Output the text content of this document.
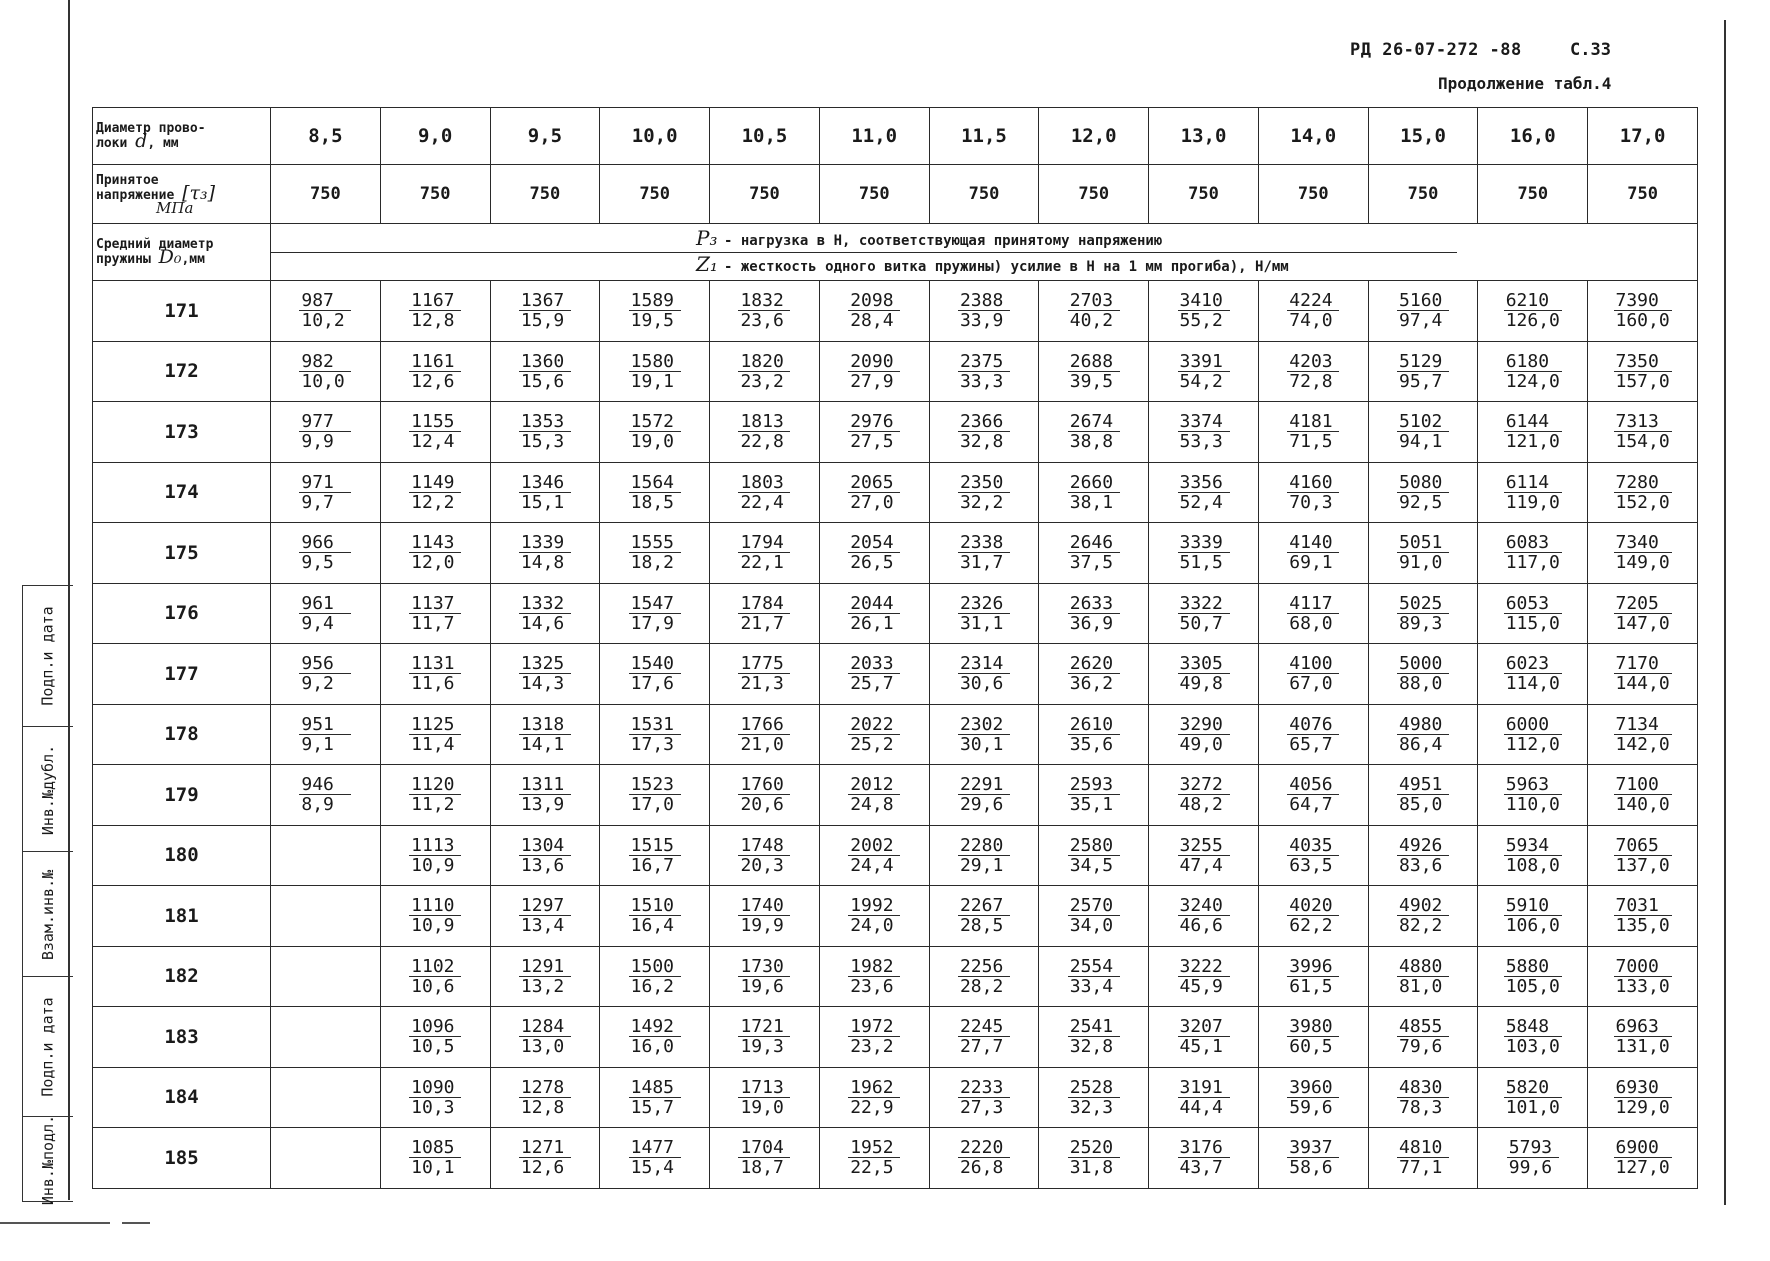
РД 26-07-272 -88	С.33
Продолжение табл.4
Диаметр прово-
локи d, мм	8,5	9,0	9,5	10,0	10,5	11,0	11,5	12,0	13,0	14,0	15,0	16,0	17,0
Принятое
напряжение [τ₃]
МПа	750	750	750	750	750	750	750	750	750	750	750	750	750
Средний диаметр
пружины D₀,мм	P₃ - нагрузка в Н, соответствующая принятому напряжению
Z₁ - жесткость одного витка пружины) усилие в Н на 1 мм прогиба), Н/мм												

171	$\frac{987}{10,2}$	$\frac{1167}{12,8}$	$\frac{1367}{15,9}$	$\frac{1589}{19,5}$	$\frac{1832}{23,6}$	$\frac{2098}{28,4}$	$\frac{2388}{33,9}$	$\frac{2703}{40,2}$	$\frac{3410}{55,2}$	$\frac{4224}{74,0}$	$\frac{5160}{97,4}$	$\frac{6210}{126,0}$	$\frac{7390}{160,0}$

172	$\frac{982}{10,0}$	$\frac{1161}{12,6}$	$\frac{1360}{15,6}$	$\frac{1580}{19,1}$	$\frac{1820}{23,2}$	$\frac{2090}{27,9}$	$\frac{2375}{33,3}$	$\frac{2688}{39,5}$	$\frac{3391}{54,2}$	$\frac{4203}{72,8}$	$\frac{5129}{95,7}$	$\frac{6180}{124,0}$	$\frac{7350}{157,0}$

173	$\frac{977}{9,9}$	$\frac{1155}{12,4}$	$\frac{1353}{15,3}$	$\frac{1572}{19,0}$	$\frac{1813}{22,8}$	$\frac{2976}{27,5}$	$\frac{2366}{32,8}$	$\frac{2674}{38,8}$	$\frac{3374}{53,3}$	$\frac{4181}{71,5}$	$\frac{5102}{94,1}$	$\frac{6144}{121,0}$	$\frac{7313}{154,0}$

174	$\frac{971}{9,7}$	$\frac{1149}{12,2}$	$\frac{1346}{15,1}$	$\frac{1564}{18,5}$	$\frac{1803}{22,4}$	$\frac{2065}{27,0}$	$\frac{2350}{32,2}$	$\frac{2660}{38,1}$	$\frac{3356}{52,4}$	$\frac{4160}{70,3}$	$\frac{5080}{92,5}$	$\frac{6114}{119,0}$	$\frac{7280}{152,0}$

175	$\frac{966}{9,5}$	$\frac{1143}{12,0}$	$\frac{1339}{14,8}$	$\frac{1555}{18,2}$	$\frac{1794}{22,1}$	$\frac{2054}{26,5}$	$\frac{2338}{31,7}$	$\frac{2646}{37,5}$	$\frac{3339}{51,5}$	$\frac{4140}{69,1}$	$\frac{5051}{91,0}$	$\frac{6083}{117,0}$	$\frac{7340}{149,0}$

176	$\frac{961}{9,4}$	$\frac{1137}{11,7}$	$\frac{1332}{14,6}$	$\frac{1547}{17,9}$	$\frac{1784}{21,7}$	$\frac{2044}{26,1}$	$\frac{2326}{31,1}$	$\frac{2633}{36,9}$	$\frac{3322}{50,7}$	$\frac{4117}{68,0}$	$\frac{5025}{89,3}$	$\frac{6053}{115,0}$	$\frac{7205}{147,0}$

177	$\frac{956}{9,2}$	$\frac{1131}{11,6}$	$\frac{1325}{14,3}$	$\frac{1540}{17,6}$	$\frac{1775}{21,3}$	$\frac{2033}{25,7}$	$\frac{2314}{30,6}$	$\frac{2620}{36,2}$	$\frac{3305}{49,8}$	$\frac{4100}{67,0}$	$\frac{5000}{88,0}$	$\frac{6023}{114,0}$	$\frac{7170}{144,0}$

178	$\frac{951}{9,1}$	$\frac{1125}{11,4}$	$\frac{1318}{14,1}$	$\frac{1531}{17,3}$	$\frac{1766}{21,0}$	$\frac{2022}{25,2}$	$\frac{2302}{30,1}$	$\frac{2610}{35,6}$	$\frac{3290}{49,0}$	$\frac{4076}{65,7}$	$\frac{4980}{86,4}$	$\frac{6000}{112,0}$	$\frac{7134}{142,0}$

179	$\frac{946}{8,9}$	$\frac{1120}{11,2}$	$\frac{1311}{13,9}$	$\frac{1523}{17,0}$	$\frac{1760}{20,6}$	$\frac{2012}{24,8}$	$\frac{2291}{29,6}$	$\frac{2593}{35,1}$	$\frac{3272}{48,2}$	$\frac{4056}{64,7}$	$\frac{4951}{85,0}$	$\frac{5963}{110,0}$	$\frac{7100}{140,0}$

180		$\frac{1113}{10,9}$	$\frac{1304}{13,6}$	$\frac{1515}{16,7}$	$\frac{1748}{20,3}$	$\frac{2002}{24,4}$	$\frac{2280}{29,1}$	$\frac{2580}{34,5}$	$\frac{3255}{47,4}$	$\frac{4035}{63,5}$	$\frac{4926}{83,6}$	$\frac{5934}{108,0}$	$\frac{7065}{137,0}$

181		$\frac{1110}{10,9}$	$\frac{1297}{13,4}$	$\frac{1510}{16,4}$	$\frac{1740}{19,9}$	$\frac{1992}{24,0}$	$\frac{2267}{28,5}$	$\frac{2570}{34,0}$	$\frac{3240}{46,6}$	$\frac{4020}{62,2}$	$\frac{4902}{82,2}$	$\frac{5910}{106,0}$	$\frac{7031}{135,0}$

182		$\frac{1102}{10,6}$	$\frac{1291}{13,2}$	$\frac{1500}{16,2}$	$\frac{1730}{19,6}$	$\frac{1982}{23,6}$	$\frac{2256}{28,2}$	$\frac{2554}{33,4}$	$\frac{3222}{45,9}$	$\frac{3996}{61,5}$	$\frac{4880}{81,0}$	$\frac{5880}{105,0}$	$\frac{7000}{133,0}$

183		$\frac{1096}{10,5}$	$\frac{1284}{13,0}$	$\frac{1492}{16,0}$	$\frac{1721}{19,3}$	$\frac{1972}{23,2}$	$\frac{2245}{27,7}$	$\frac{2541}{32,8}$	$\frac{3207}{45,1}$	$\frac{3980}{60,5}$	$\frac{4855}{79,6}$	$\frac{5848}{103,0}$	$\frac{6963}{131,0}$

184		$\frac{1090}{10,3}$	$\frac{1278}{12,8}$	$\frac{1485}{15,7}$	$\frac{1713}{19,0}$	$\frac{1962}{22,9}$	$\frac{2233}{27,3}$	$\frac{2528}{32,3}$	$\frac{3191}{44,4}$	$\frac{3960}{59,6}$	$\frac{4830}{78,3}$	$\frac{5820}{101,0}$	$\frac{6930}{129,0}$

185		$\frac{1085}{10,1}$	$\frac{1271}{12,6}$	$\frac{1477}{15,4}$	$\frac{1704}{18,7}$	$\frac{1952}{22,5}$	$\frac{2220}{26,8}$	$\frac{2520}{31,8}$	$\frac{3176}{43,7}$	$\frac{3937}{58,6}$	$\frac{4810}{77,1}$	$\frac{5793}{99,6}$	$\frac{6900}{127,0}$
Подп.и дата
Инв.№дубл.
Взам.инв.№
Подп.и дата
Инв.№подл.
